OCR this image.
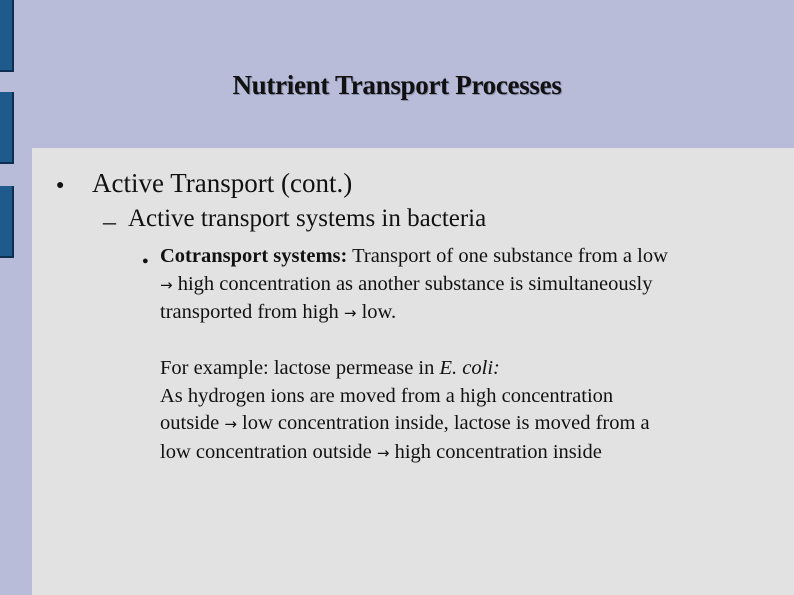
Nutrient Transport Processes
● Active Transport (cont.)
– Active transport systems in bacteria
● Cotransport systems: Transport of one substance from a low
→ high concentration as another substance is simultaneously
transported from high → low.

For example: lactose permease in E. coli:
As hydrogen ions are moved from a high concentration
outside → low concentration inside, lactose is moved from a
low concentration outside → high concentration inside
